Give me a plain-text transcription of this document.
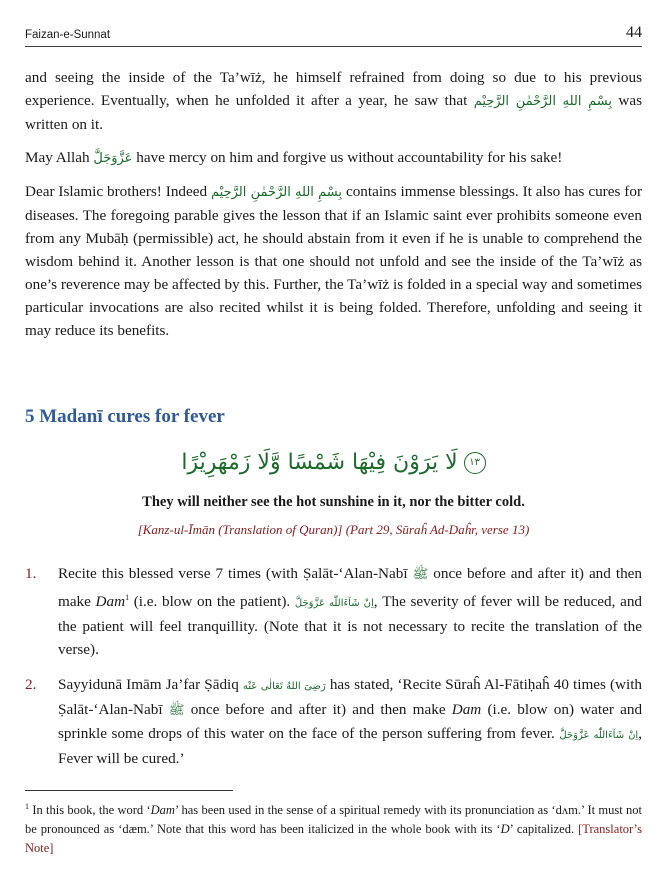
Faizan-e-Sunnat	44

and seeing the inside of the Ta’wīż, he himself refrained from doing so due to his previous experience. Eventually, when he unfolded it after a year, he saw that بِسْمِ اللهِ الرَّحْمٰنِ الرَّحِیْم was written on it.

May Allah عَزَّوَجَلَّ have mercy on him and forgive us without accountability for his sake!

Dear Islamic brothers! Indeed بِسْمِ اللهِ الرَّحْمٰنِ الرَّحِیْم contains immense blessings. It also has cures for diseases. The foregoing parable gives the lesson that if an Islamic saint ever prohibits someone even from any Mubāḥ (permissible) act, he should abstain from it even if he is unable to comprehend the wisdom behind it. Another lesson is that one should not unfold and see the inside of the Ta’wīż as one’s reverence may be affected by this. Further, the Ta’wīż is folded in a special way and sometimes particular invocations are also recited whilst it is being folded. Therefore, unfolding and seeing it may reduce its benefits.

5 Madanī cures for fever
لَا یَرَوْنَ فِیْهَا شَمْسًا وَّلَا زَمْهَرِیْرًا ١٣
They will neither see the hot sunshine in it, nor the bitter cold.
[Kanz-ul-Īmān (Translation of Quran)] (Part 29, Sūraĥ Ad-Daĥr, verse 13)
1. Recite this blessed verse 7 times (with Ṣalāt-‘Alan-Nabī ﷺ once before and after it) and then make Dam$^1$ (i.e. blow on the patient). اِنْ شَآءَاللّٰه عَزَّوَجَلَّ, The severity of fever will be reduced, and the patient will feel tranquillity. (Note that it is not necessary to recite the translation of the verse).
2. Sayyidunā Imām Ja’far Ṣādiq رَضِیَ اللهُ تَعَالٰی عَنْه has stated, ‘Recite Sūraĥ Al-Fātiḥaĥ 40 times (with Ṣalāt-‘Alan-Nabī ﷺ once before and after it) and then make Dam (i.e. blow on) water and sprinkle some drops of this water on the face of the person suffering from fever. اِنْ شَآءَاللّٰه عَزَّوَجَلَّ, Fever will be cured.’
$^1$ In this book, the word ‘Dam’ has been used in the sense of a spiritual remedy with its pronunciation as ‘dʌm.’ It must not be pronounced as ‘dæm.’ Note that this word has been italicized in the whole book with its ‘D’ capitalized. [Translator’s Note]
